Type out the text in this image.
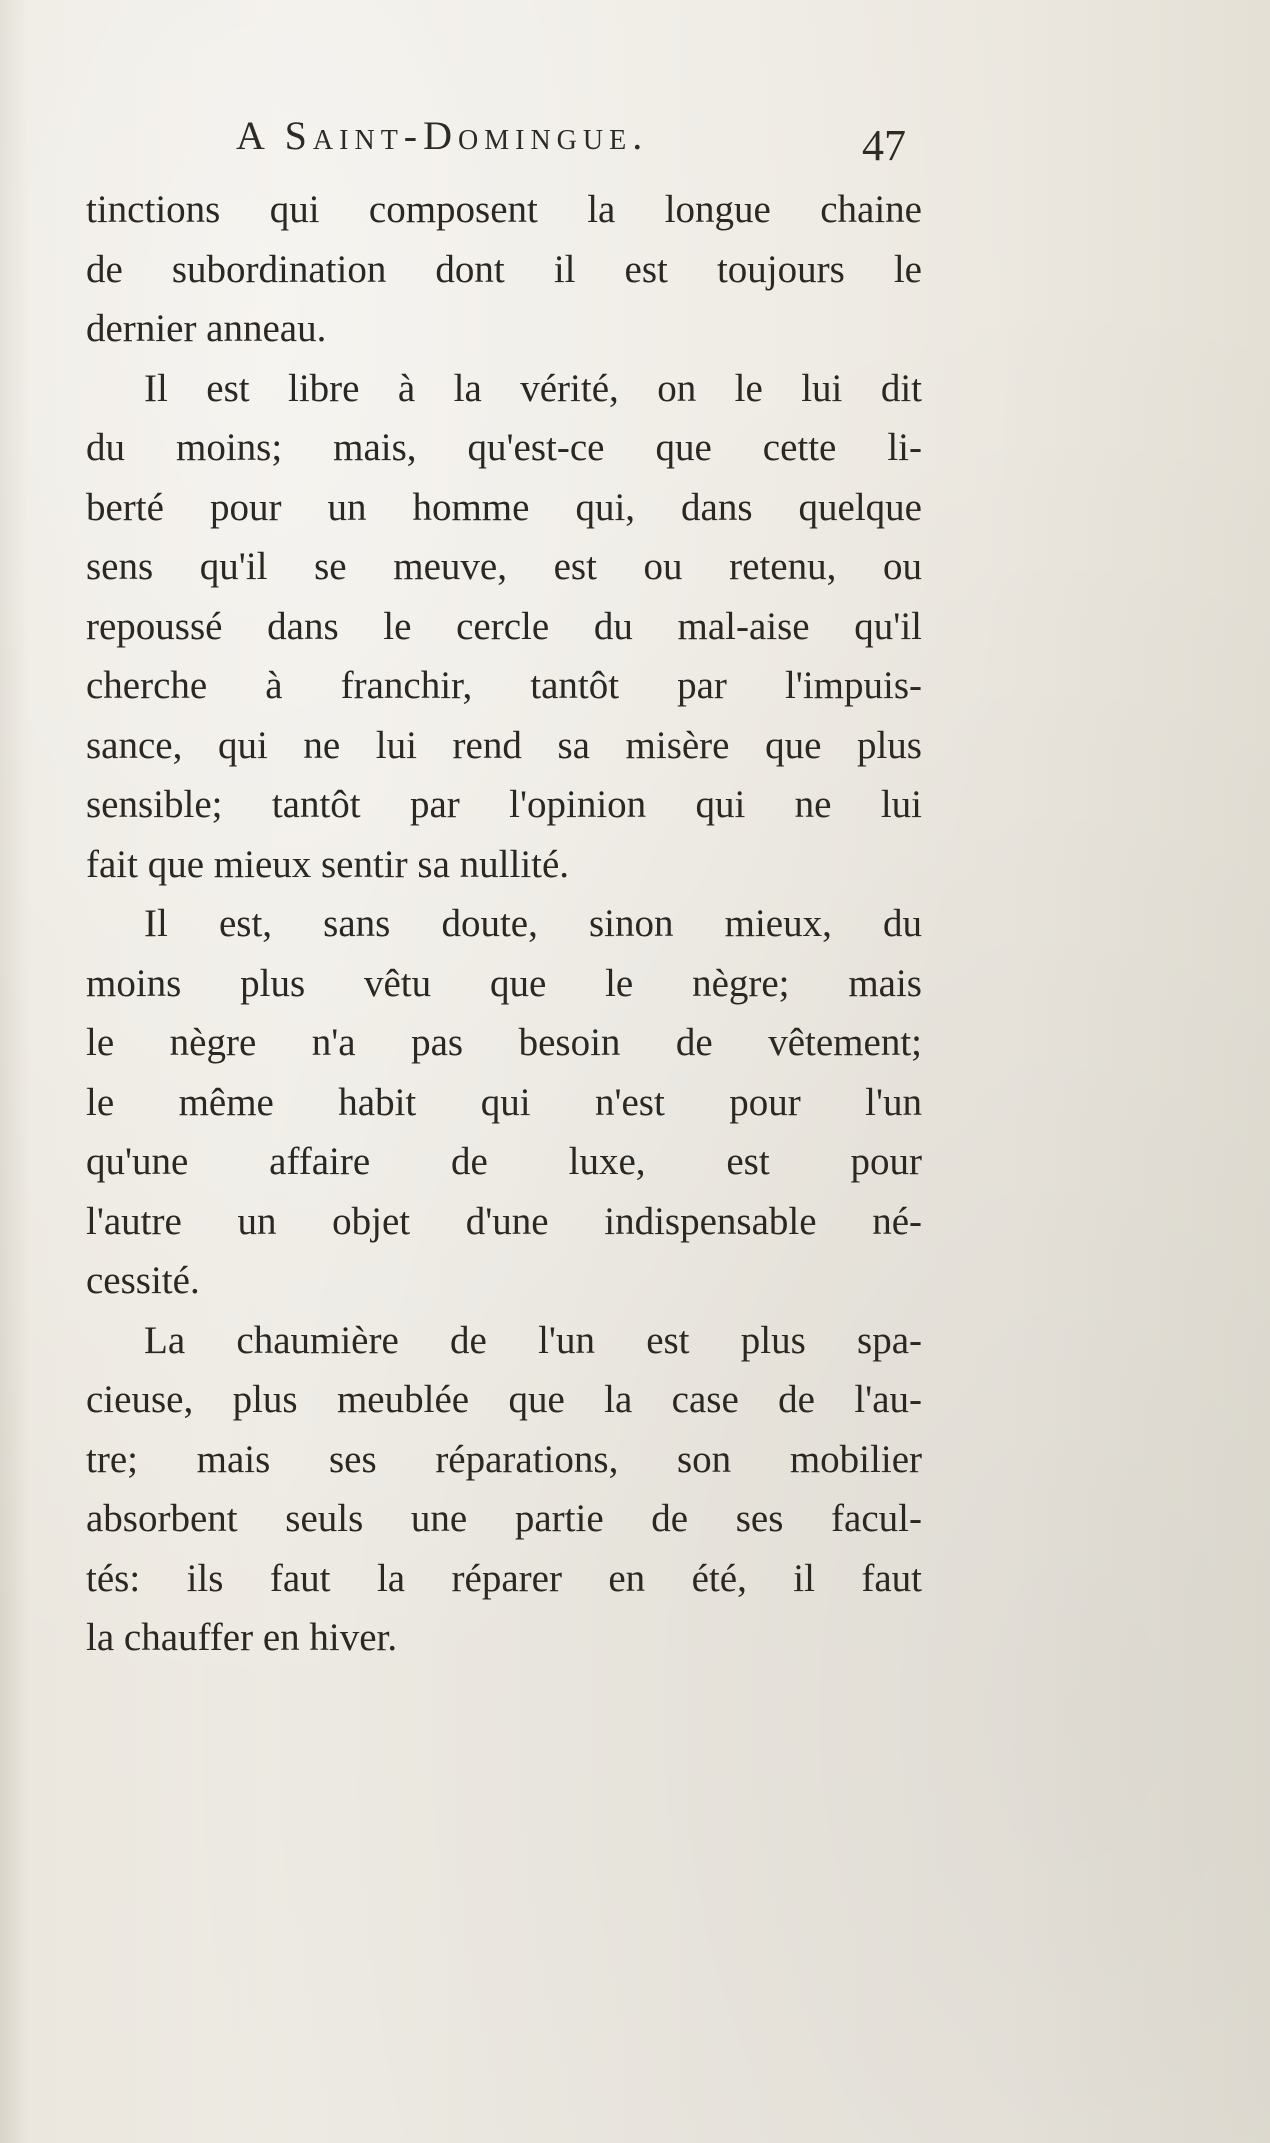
A Saint-Domingue.	47
tinctions qui composent la longue chaine
de subordination dont il est toujours le
dernier anneau.
Il est libre à la vérité, on le lui dit
du moins; mais, qu'est-ce que cette li-
berté pour un homme qui, dans quelque
sens qu'il se meuve, est ou retenu, ou
repoussé dans le cercle du mal-aise qu'il
cherche à franchir, tantôt par l'impuis-
sance, qui ne lui rend sa misère que plus
sensible; tantôt par l'opinion qui ne lui
fait que mieux sentir sa nullité.
Il est, sans doute, sinon mieux, du
moins plus vêtu que le nègre; mais
le nègre n'a pas besoin de vêtement;
le même habit qui n'est pour l'un
qu'une affaire de luxe, est pour
l'autre un objet d'une indispensable né-
cessité.
La chaumière de l'un est plus spa-
cieuse, plus meublée que la case de l'au-
tre; mais ses réparations, son mobilier
absorbent seuls une partie de ses facul-
tés: ils faut la réparer en été, il faut
la chauffer en hiver.
